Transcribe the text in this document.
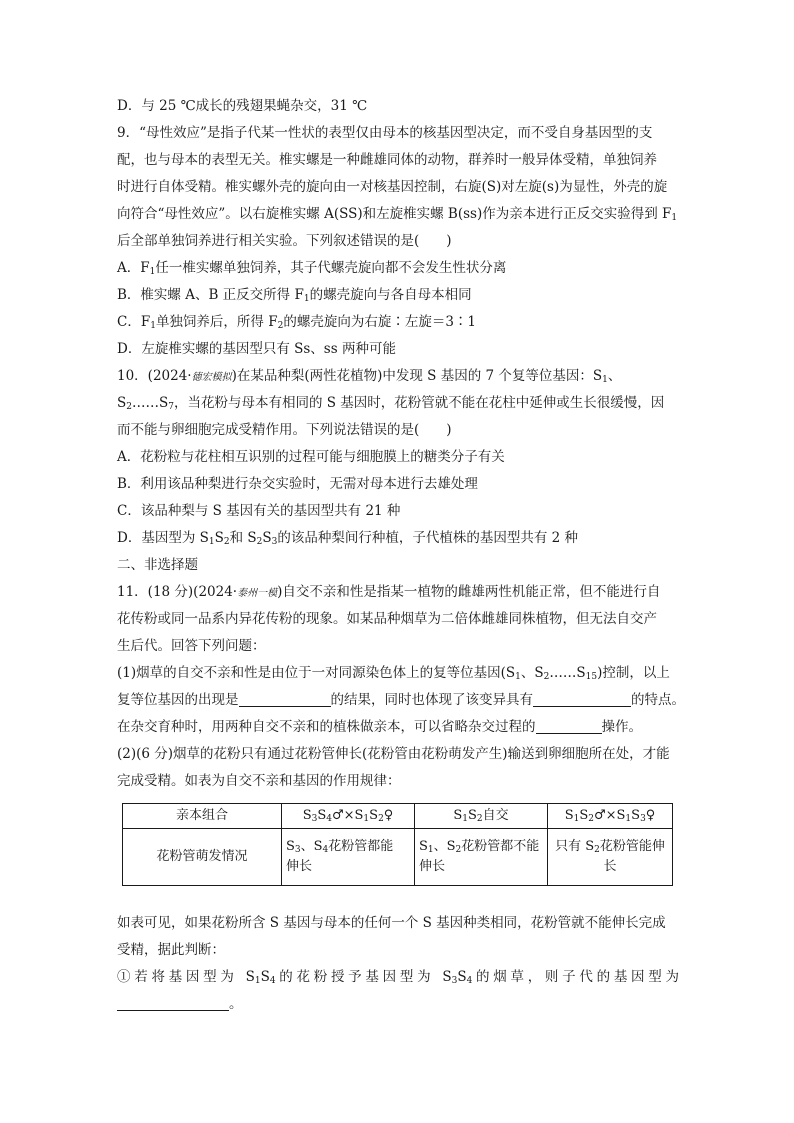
D．与 25 ℃成长的残翅果蝇杂交，31 ℃
9．“母性效应”是指子代某一性状的表型仅由母本的核基因型决定，而不受自身基因型的支
配，也与母本的表型无关。椎实螺是一种雌雄同体的动物，群养时一般异体受精，单独饲养
时进行自体受精。椎实螺外壳的旋向由一对核基因控制，右旋(S)对左旋(s)为显性，外壳的旋
向符合“母性效应”。以右旋椎实螺 A(SS)和左旋椎实螺 B(ss)作为亲本进行正反交实验得到 $F_1$
后全部单独饲养进行相关实验。下列叙述错误的是(　　)
A．$F_1$任一椎实螺单独饲养，其子代螺壳旋向都不会发生性状分离
B．椎实螺 A、B 正反交所得 $F_1$的螺壳旋向与各自母本相同
C．$F_1$单独饲养后，所得 $F_2$的螺壳旋向为右旋∶左旋＝3∶1
D．左旋椎实螺的基因型只有 Ss、ss 两种可能
10．(2024·德宏模拟)在某品种梨(两性花植物)中发现 S 基因的 7 个复等位基因：$S_1$、
$S_2\dots\dots S_7$，当花粉与母本有相同的 S 基因时，花粉管就不能在花柱中延伸或生长很缓慢，因
而不能与卵细胞完成受精作用。下列说法错误的是(　　)
A．花粉粒与花柱相互识别的过程可能与细胞膜上的糖类分子有关
B．利用该品种梨进行杂交实验时，无需对母本进行去雄处理
C．该品种梨与 S 基因有关的基因型共有 21 种
D．基因型为 $S_1S_2$和 $S_2S_3$的该品种梨间行种植，子代植株的基因型共有 2 种
二、非选择题
11．(18 分)(2024·泰州一模)自交不亲和性是指某一植物的雌雄两性机能正常，但不能进行自
花传粉或同一品系内异花传粉的现象。如某品种烟草为二倍体雌雄同株植物，但无法自交产
生后代。回答下列问题：
(1)烟草的自交不亲和性是由位于一对同源染色体上的复等位基因($S_1$、$S_2\dots\dots S_{15}$)控制，以上
复等位基因的出现是	的结果，同时也体现了该变异具有	的特点。
在杂交育种时，用两种自交不亲和的植株做亲本，可以省略杂交过程的	操作。
(2)(6 分)烟草的花粉只有通过花粉管伸长(花粉管由花粉萌发产生)输送到卵细胞所在处，才能
完成受精。如表为自交不亲和基因的作用规律：
亲本组合	$S_3S_4♂\times S_1S_2♀$	$S_1S_2$自交	$S_1S_2♂\times S_1S_3♀$
花粉管萌发情况	$S_3$、$S_4$花粉管都能
伸长	$S_1$、$S_2$花粉管都不能
伸长	只有 $S_2$花粉管能伸长
如表可见，如果花粉所含 S 基因与母本的任何一个 S 基因种类相同，花粉管就不能伸长完成
受精，据此判断：
①若将基因型为 $S_1S_4$的花粉授予基因型为 $S_3S_4$的烟草，则子代的基因型为
。
